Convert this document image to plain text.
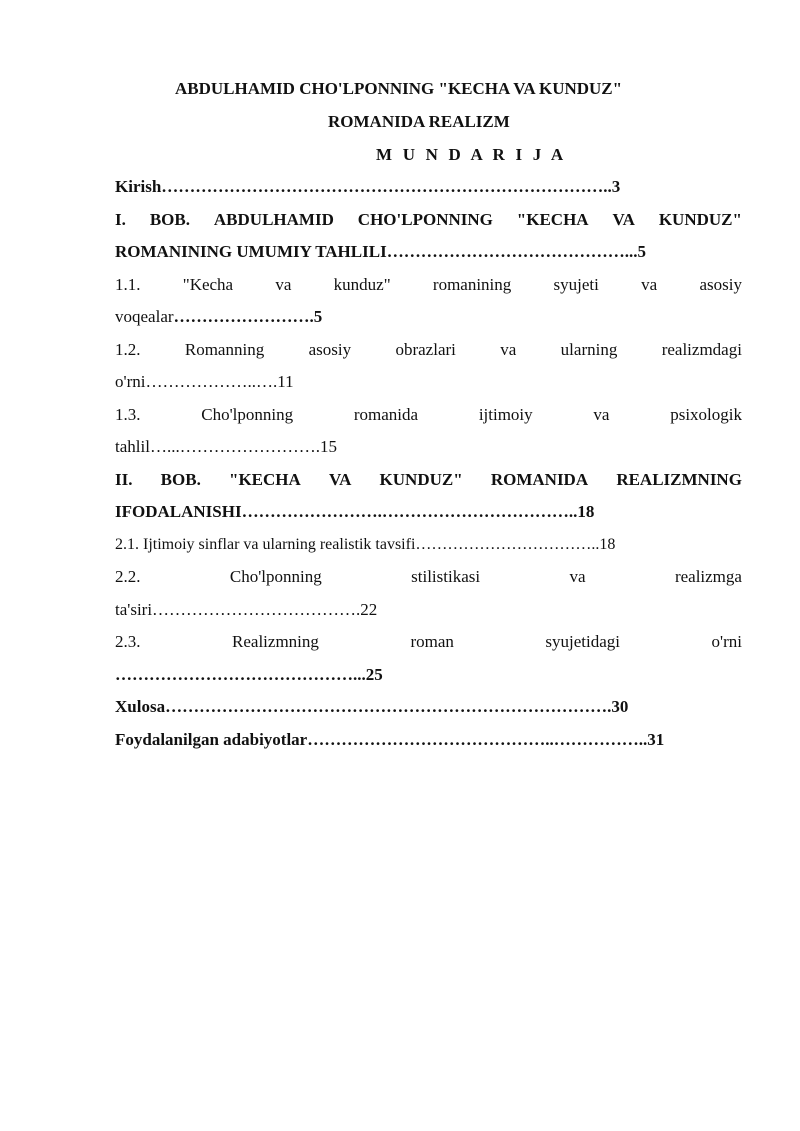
ABDULHAMID CHO'LPONNING "KECHA VA KUNDUZ"
ROMANIDA REALIZM
M U N D A R I J A
Kirish……………………………………………………………………..3
I. BOB. ABDULHAMID CHO'LPONNING "KECHA VA KUNDUZ"
ROMANINING UMUMIY TAHLILI……………………………………...5
1.1. "Kecha va kunduz" romanining syujeti va asosiy
voqealar…………………….5
1.2.	Romanning	asosiy	obrazlari	va	ularning	realizmdagi
o'rni………………..….11
1.3.	Cho'lponning	romanida	ijtimoiy	va	psixologik
tahlil…...…………………….15
II. BOB. "KECHA VA KUNDUZ" ROMANIDA REALIZMNING
IFODALANISHI…………………….……………………………..18
2.1. Ijtimoiy sinflar va ularning realistik tavsifi……………………………..18
2.2.	Cho'lponning	stilistikasi	va	realizmga
ta'siri……………………………….22
2.3.	Realizmning	roman	syujetidagi	o'rni
……………………………………...25
Xulosa…………………………………………………………………….30
Foydalanilgan adabiyotlar……………………………………..……………..31
